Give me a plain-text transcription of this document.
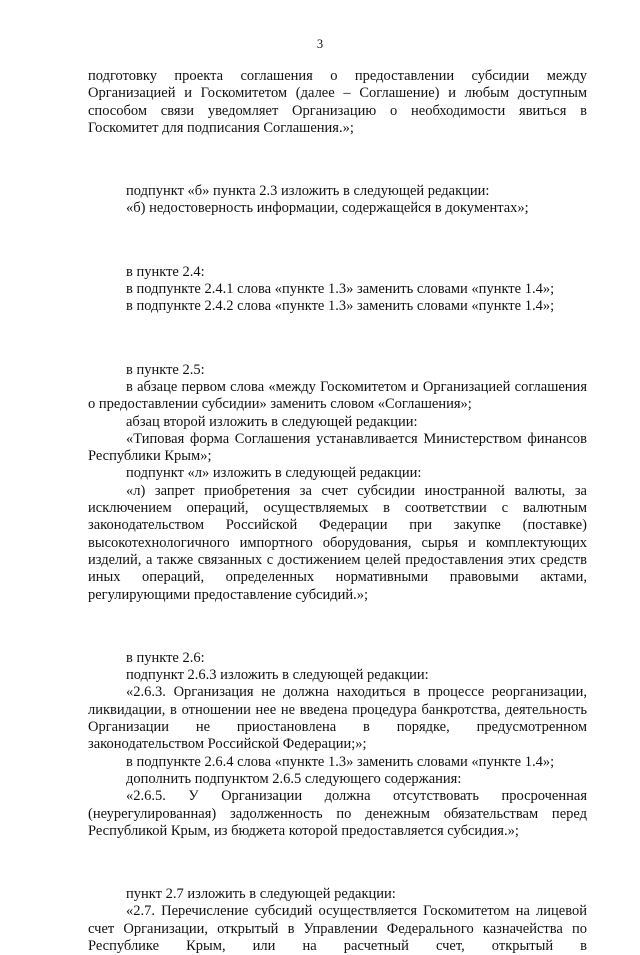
3

подготовку проекта соглашения о предоставлении субсидии между Организацией и Госкомитетом (далее – Соглашение) и любым доступным способом связи уведомляет Организацию о необходимости явиться в Госкомитет для подписания Соглашения.»;

подпункт «б» пункта 2.3 изложить в следующей редакции:

«б) недостоверность информации, содержащейся в документах»;

в пункте 2.4:

в подпункте 2.4.1 слова «пункте 1.3» заменить словами «пункте 1.4»;

в подпункте 2.4.2 слова «пункте 1.3» заменить словами «пункте 1.4»;

в пункте 2.5:

в абзаце первом слова «между Госкомитетом и Организацией соглашения о предоставлении субсидии» заменить словом «Соглашения»;

абзац второй изложить в следующей редакции:

«Типовая форма Соглашения устанавливается Министерством финансов Республики Крым»;

подпункт «л» изложить в следующей редакции:

«л) запрет приобретения за счет субсидии иностранной валюты, за исключением операций, осуществляемых в соответствии с валютным законодательством Российской Федерации при закупке (поставке) высокотехнологичного импортного оборудования, сырья и комплектующих изделий, а также связанных с достижением целей предоставления этих средств иных операций, определенных нормативными правовыми актами, регулирующими предоставление субсидий.»;

в пункте 2.6:

подпункт 2.6.3 изложить в следующей редакции:

«2.6.3. Организация не должна находиться в процессе реорганизации, ликвидации, в отношении нее не введена процедура банкротства, деятельность Организации не приостановлена в порядке, предусмотренном законодательством Российской Федерации;»;

в подпункте 2.6.4 слова «пункте 1.3» заменить словами «пункте 1.4»;

дополнить подпунктом 2.6.5 следующего содержания:

«2.6.5. У Организации должна отсутствовать просроченная (неурегулированная) задолженность по денежным обязательствам перед Республикой Крым, из бюджета которой предоставляется субсидия.»;

пункт 2.7 изложить в следующей редакции:

«2.7. Перечисление субсидий осуществляется Госкомитетом на лицевой счет Организации, открытый в Управлении Федерального казначейства по Республике Крым, или на расчетный счет, открытый в
